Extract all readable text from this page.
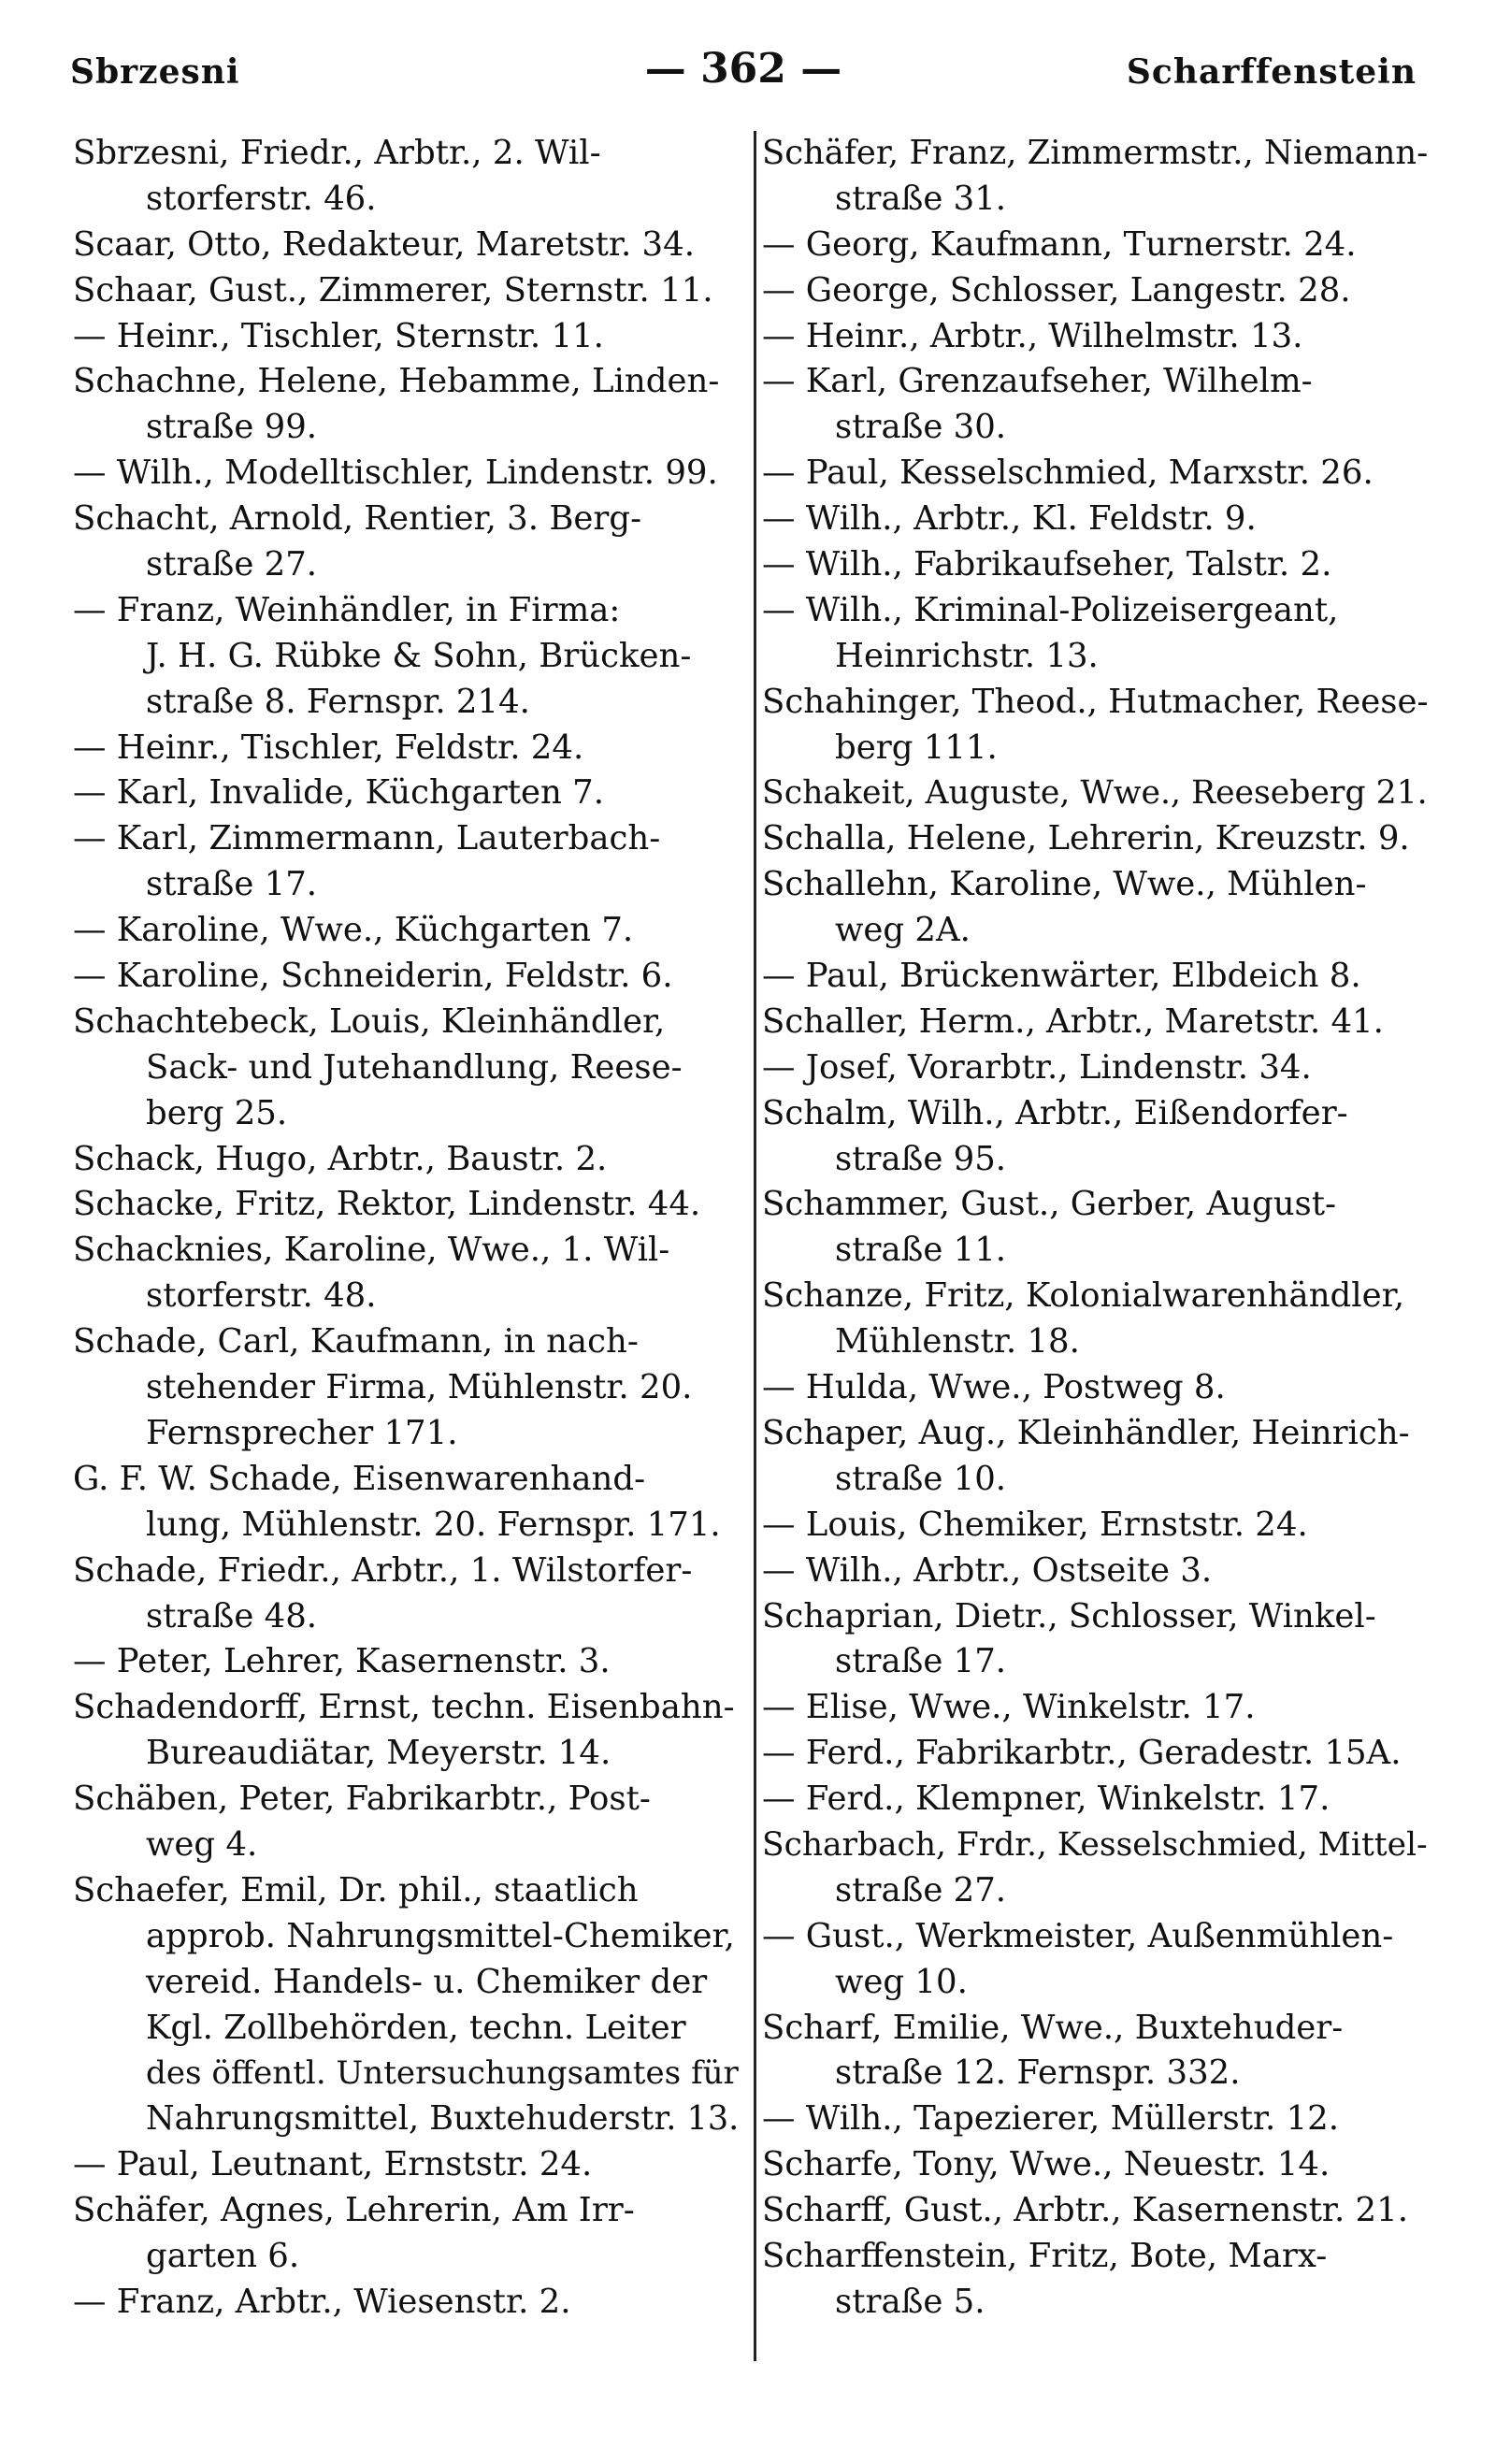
Sbrzesni	— 362 —	Scharffenstein
Sbrzesni, Friedr., Arbtr., 2. Wil-
storferstr. 46.
Scaar, Otto, Redakteur, Maretstr. 34.
Schaar, Gust., Zimmerer, Sternstr. 11.
— Heinr., Tischler, Sternstr. 11.
Schachne, Helene, Hebamme, Linden-
straße 99.
— Wilh., Modelltischler, Lindenstr. 99.
Schacht, Arnold, Rentier, 3. Berg-
straße 27.
— Franz, Weinhändler, in Firma:
J. H. G. Rübke & Sohn, Brücken-
straße 8. Fernspr. 214.
— Heinr., Tischler, Feldstr. 24.
— Karl, Invalide, Küchgarten 7.
— Karl, Zimmermann, Lauterbach-
straße 17.
— Karoline, Wwe., Küchgarten 7.
— Karoline, Schneiderin, Feldstr. 6.
Schachtebeck, Louis, Kleinhändler,
Sack- und Jutehandlung, Reese-
berg 25.
Schack, Hugo, Arbtr., Baustr. 2.
Schacke, Fritz, Rektor, Lindenstr. 44.
Schacknies, Karoline, Wwe., 1. Wil-
storferstr. 48.
Schade, Carl, Kaufmann, in nach-
stehender Firma, Mühlenstr. 20.
Fernsprecher 171.
G. F. W. Schade, Eisenwarenhand-
lung, Mühlenstr. 20. Fernspr. 171.
Schade, Friedr., Arbtr., 1. Wilstorfer-
straße 48.
— Peter, Lehrer, Kasernenstr. 3.
Schadendorff, Ernst, techn. Eisenbahn-
Bureaudiätar, Meyerstr. 14.
Schäben, Peter, Fabrikarbtr., Post-
weg 4.
Schaefer, Emil, Dr. phil., staatlich
approb. Nahrungsmittel-Chemiker,
vereid. Handels- u. Chemiker der
Kgl. Zollbehörden, techn. Leiter
des öffentl. Untersuchungsamtes für
Nahrungsmittel, Buxtehuderstr. 13.
— Paul, Leutnant, Ernststr. 24.
Schäfer, Agnes, Lehrerin, Am Irr-
garten 6.
— Franz, Arbtr., Wiesenstr. 2.
Schäfer, Franz, Zimmermstr., Niemann-
straße 31.
— Georg, Kaufmann, Turnerstr. 24.
— George, Schlosser, Langestr. 28.
— Heinr., Arbtr., Wilhelmstr. 13.
— Karl, Grenzaufseher, Wilhelm-
straße 30.
— Paul, Kesselschmied, Marxstr. 26.
— Wilh., Arbtr., Kl. Feldstr. 9.
— Wilh., Fabrikaufseher, Talstr. 2.
— Wilh., Kriminal-Polizeisergeant,
Heinrichstr. 13.
Schahinger, Theod., Hutmacher, Reese-
berg 111.
Schakeit, Auguste, Wwe., Reeseberg 21.
Schalla, Helene, Lehrerin, Kreuzstr. 9.
Schallehn, Karoline, Wwe., Mühlen-
weg 2A.
— Paul, Brückenwärter, Elbdeich 8.
Schaller, Herm., Arbtr., Maretstr. 41.
— Josef, Vorarbtr., Lindenstr. 34.
Schalm, Wilh., Arbtr., Eißendorfer-
straße 95.
Schammer, Gust., Gerber, August-
straße 11.
Schanze, Fritz, Kolonialwarenhändler,
Mühlenstr. 18.
— Hulda, Wwe., Postweg 8.
Schaper, Aug., Kleinhändler, Heinrich-
straße 10.
— Louis, Chemiker, Ernststr. 24.
— Wilh., Arbtr., Ostseite 3.
Schaprian, Dietr., Schlosser, Winkel-
straße 17.
— Elise, Wwe., Winkelstr. 17.
— Ferd., Fabrikarbtr., Geradestr. 15A.
— Ferd., Klempner, Winkelstr. 17.
Scharbach, Frdr., Kesselschmied, Mittel-
straße 27.
— Gust., Werkmeister, Außenmühlen-
weg 10.
Scharf, Emilie, Wwe., Buxtehuder-
straße 12. Fernspr. 332.
— Wilh., Tapezierer, Müllerstr. 12.
Scharfe, Tony, Wwe., Neuestr. 14.
Scharff, Gust., Arbtr., Kasernenstr. 21.
Scharffenstein, Fritz, Bote, Marx-
straße 5.
